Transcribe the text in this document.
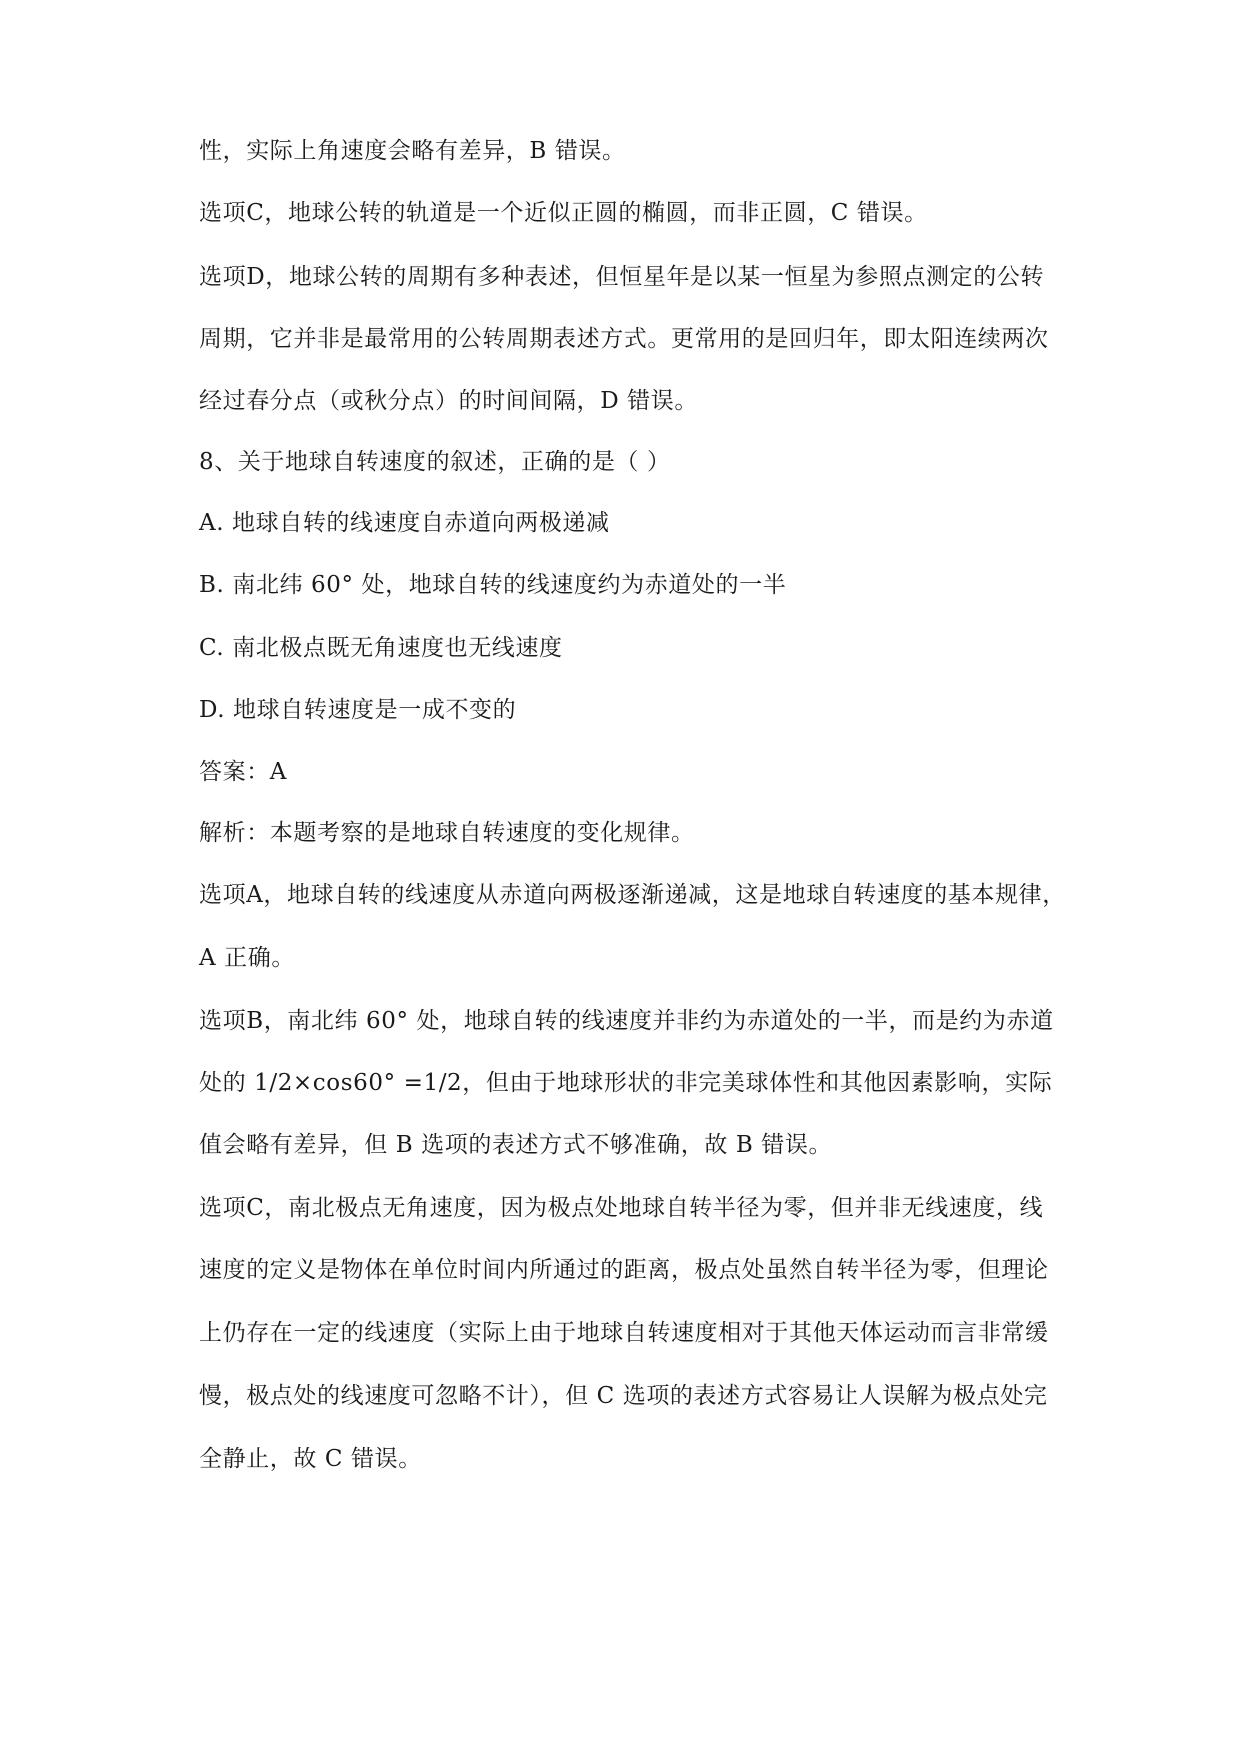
性，实际上角速度会略有差异，B 错误。
选项C，地球公转的轨道是一个近似正圆的椭圆，而非正圆，C 错误。
选项D，地球公转的周期有多种表述，但恒星年是以某一恒星为参照点测定的公转
周期，它并非是最常用的公转周期表述方式。更常用的是回归年，即太阳连续两次
经过春分点（或秋分点）的时间间隔，D 错误。
8、关于地球自转速度的叙述，正确的是（ ）
A. 地球自转的线速度自赤道向两极递减
B. 南北纬 60° 处，地球自转的线速度约为赤道处的一半
C. 南北极点既无角速度也无线速度
D. 地球自转速度是一成不变的
答案：A
解析：本题考察的是地球自转速度的变化规律。
选项A，地球自转的线速度从赤道向两极逐渐递减，这是地球自转速度的基本规律，
A 正确。
选项B，南北纬 60° 处，地球自转的线速度并非约为赤道处的一半，而是约为赤道
处的 1/2×cos60° =1/2，但由于地球形状的非完美球体性和其他因素影响，实际
值会略有差异，但 B 选项的表述方式不够准确，故 B 错误。
选项C，南北极点无角速度，因为极点处地球自转半径为零，但并非无线速度，线
速度的定义是物体在单位时间内所通过的距离，极点处虽然自转半径为零，但理论
上仍存在一定的线速度（实际上由于地球自转速度相对于其他天体运动而言非常缓
慢，极点处的线速度可忽略不计），但 C 选项的表述方式容易让人误解为极点处完
全静止，故 C 错误。
